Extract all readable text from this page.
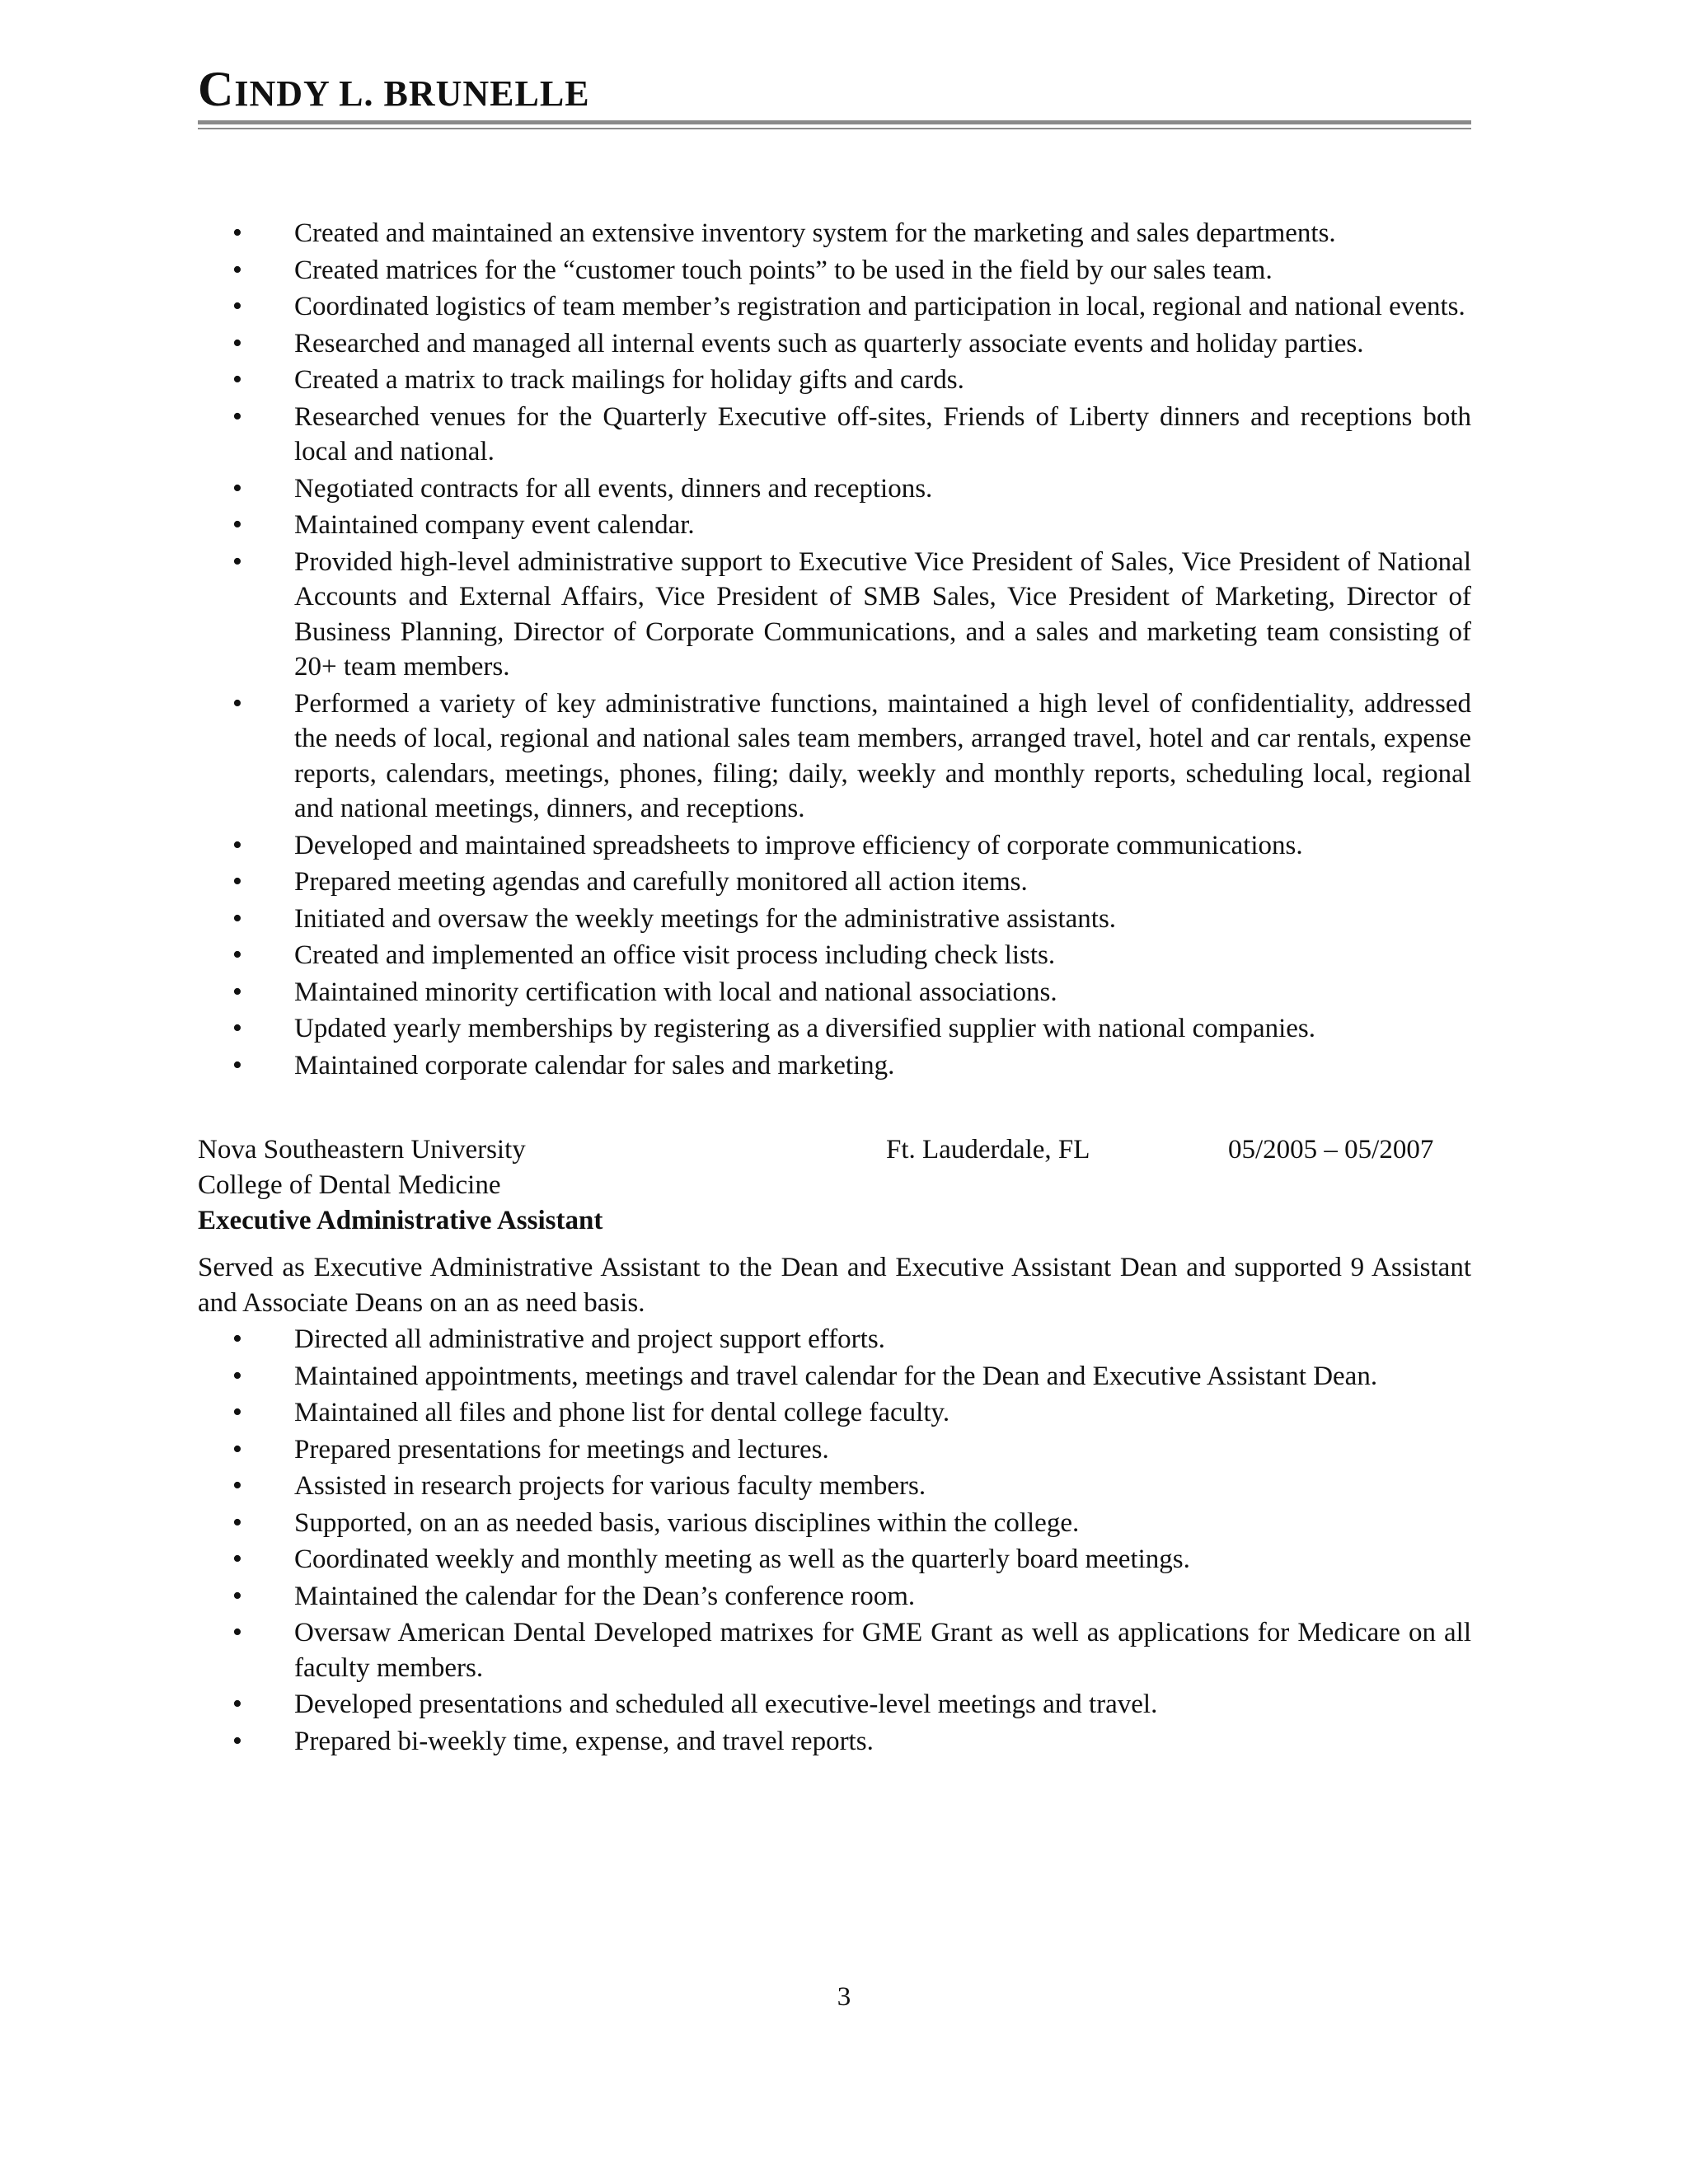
CINDY L. BRUNELLE
• Created and maintained an extensive inventory system for the marketing and sales departments.
• Created matrices for the “customer touch points” to be used in the field by our sales team.
• Coordinated logistics of team member’s registration and participation in local, regional and national events.
• Researched and managed all internal events such as quarterly associate events and holiday parties.
• Created a matrix to track mailings for holiday gifts and cards.
• Researched venues for the Quarterly Executive off-sites, Friends of Liberty dinners and receptions both local and national.
• Negotiated contracts for all events, dinners and receptions.
• Maintained company event calendar.
• Provided high-level administrative support to Executive Vice President of Sales, Vice President of National Accounts and External Affairs, Vice President of SMB Sales, Vice President of Marketing, Director of Business Planning, Director of Corporate Communications, and a sales and marketing team consisting of 20+ team members.
• Performed a variety of key administrative functions, maintained a high level of confidentiality, addressed the needs of local, regional and national sales team members, arranged travel, hotel and car rentals, expense reports, calendars, meetings, phones, filing; daily, weekly and monthly reports, scheduling local, regional and national meetings, dinners, and receptions.
• Developed and maintained spreadsheets to improve efficiency of corporate communications.
• Prepared meeting agendas and carefully monitored all action items.
• Initiated and oversaw the weekly meetings for the administrative assistants.
• Created and implemented an office visit process including check lists.
• Maintained minority certification with local and national associations.
• Updated yearly memberships by registering as a diversified supplier with national companies.
• Maintained corporate calendar for sales and marketing.
Nova Southeastern University	Ft. Lauderdale, FL	05/2005 – 05/2007
College of Dental Medicine
Executive Administrative Assistant
Served as Executive Administrative Assistant to the Dean and Executive Assistant Dean and supported 9 Assistant and Associate Deans on an as need basis.
• Directed all administrative and project support efforts.
• Maintained appointments, meetings and travel calendar for the Dean and Executive Assistant Dean.
• Maintained all files and phone list for dental college faculty.
• Prepared presentations for meetings and lectures.
• Assisted in research projects for various faculty members.
• Supported, on an as needed basis, various disciplines within the college.
• Coordinated weekly and monthly meeting as well as the quarterly board meetings.
• Maintained the calendar for the Dean’s conference room.
• Oversaw American Dental Developed matrixes for GME Grant as well as applications for Medicare on all faculty members.
• Developed presentations and scheduled all executive-level meetings and travel.
• Prepared bi-weekly time, expense, and travel reports.
3
